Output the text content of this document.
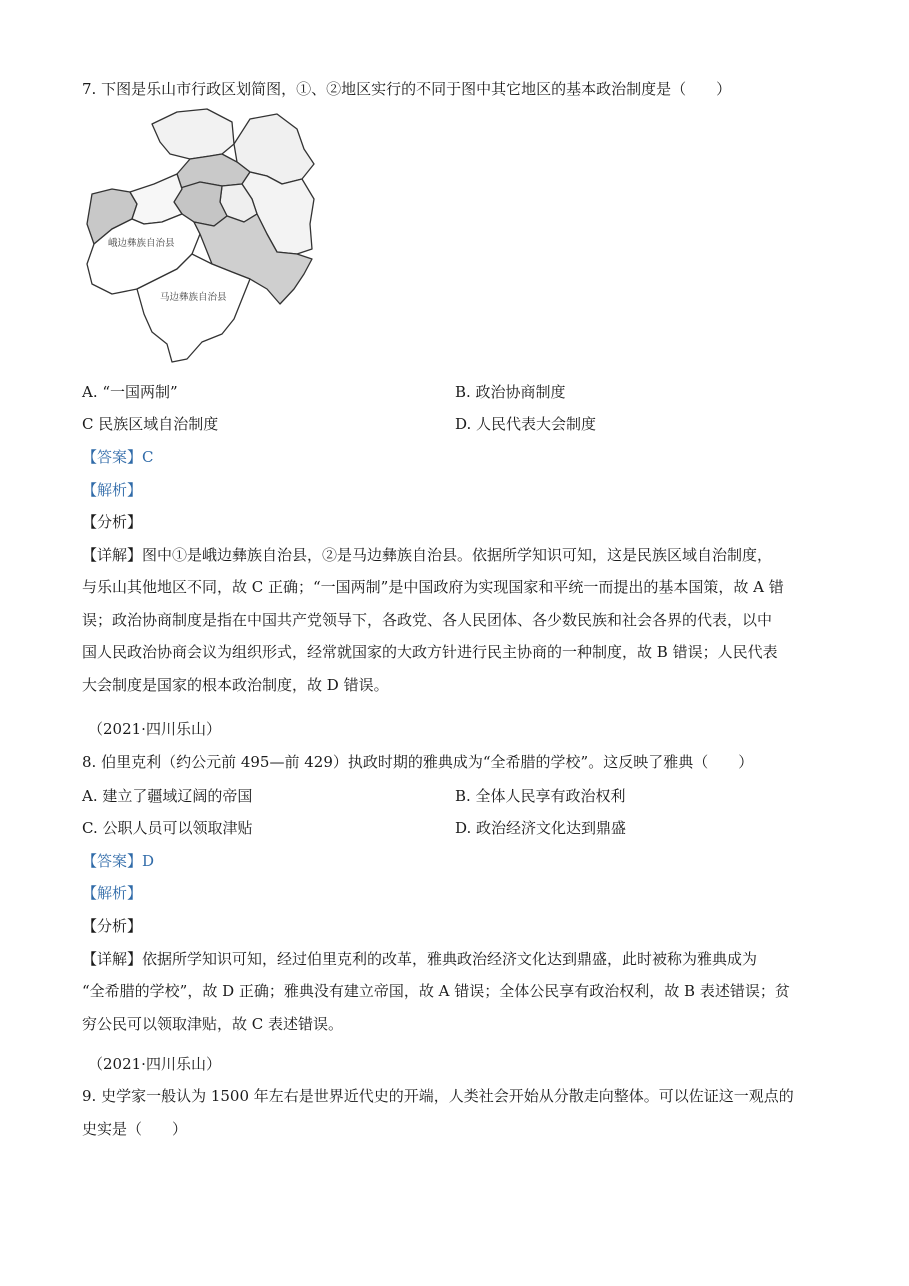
7. 下图是乐山市行政区划简图，①、②地区实行的不同于图中其它地区的基本政治制度是（　　）
峨边彝族自治县
马边彝族自治县
A. “一国两制”	B. 政治协商制度
C 民族区域自治制度	D. 人民代表大会制度
【答案】C
【解析】
【分析】
【详解】图中①是峨边彝族自治县，②是马边彝族自治县。依据所学知识可知，这是民族区域自治制度，
与乐山其他地区不同，故 C 正确；“一国两制”是中国政府为实现国家和平统一而提出的基本国策，故 A 错
误；政治协商制度是指在中国共产党领导下，各政党、各人民团体、各少数民族和社会各界的代表，以中
国人民政治协商会议为组织形式，经常就国家的大政方针进行民主协商的一种制度，故 B 错误；人民代表
大会制度是国家的根本政治制度，故 D 错误。
（2021·四川乐山）
8. 伯里克利（约公元前 495—前 429）执政时期的雅典成为“全希腊的学校”。这反映了雅典（　　）
A. 建立了疆域辽阔的帝国	B. 全体人民享有政治权利
C. 公职人员可以领取津贴	D. 政治经济文化达到鼎盛
【答案】D
【解析】
【分析】
【详解】依据所学知识可知，经过伯里克利的改革，雅典政治经济文化达到鼎盛，此时被称为雅典成为
“全希腊的学校”，故 D 正确；雅典没有建立帝国，故 A 错误；全体公民享有政治权利，故 B 表述错误；贫
穷公民可以领取津贴，故 C 表述错误。
（2021·四川乐山）
9. 史学家一般认为 1500 年左右是世界近代史的开端，人类社会开始从分散走向整体。可以佐证这一观点的
史实是（　　）
